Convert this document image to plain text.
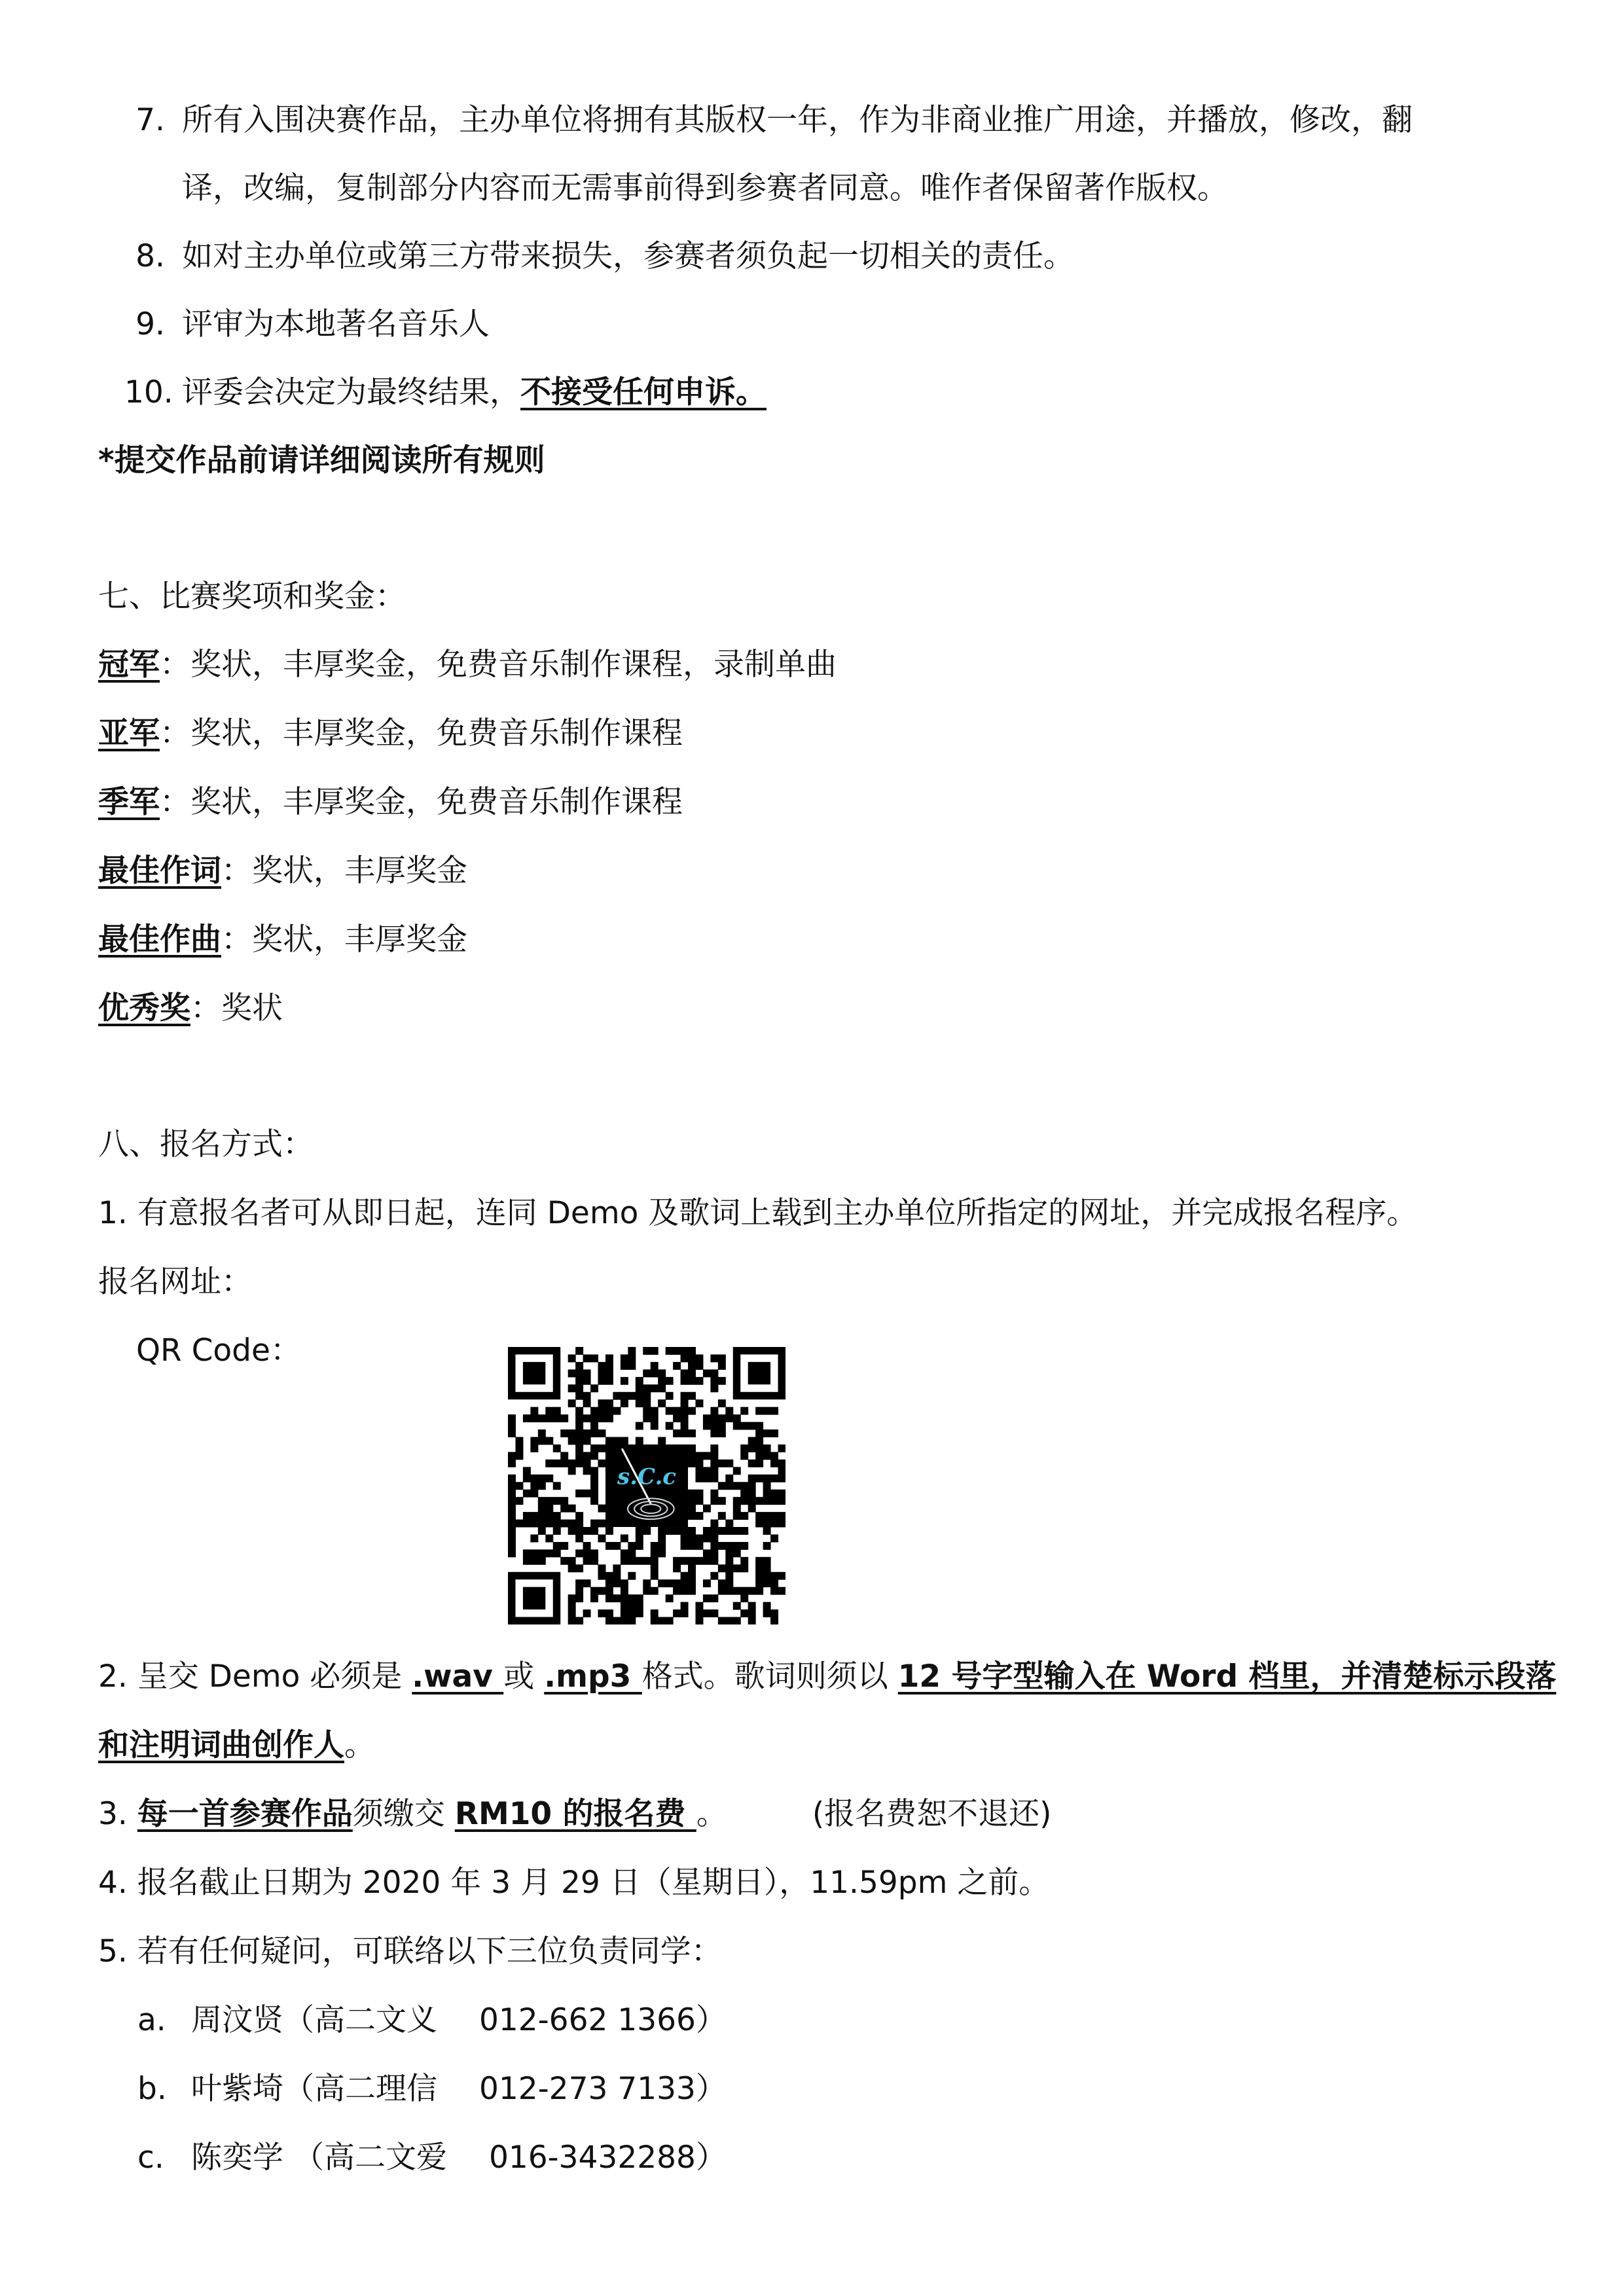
7. 所有入围决赛作品，主办单位将拥有其版权一年，作为非商业推广用途，并播放，修改，翻
译，改编，复制部分内容而无需事前得到参赛者同意。唯作者保留著作版权。
8. 如对主办单位或第三方带来损失，参赛者须负起一切相关的责任。
9. 评审为本地著名音乐人
10. 评委会决定为最终结果，不接受任何申诉。
*提交作品前请详细阅读所有规则
七、比赛奖项和奖金：
冠军：奖状，丰厚奖金，免费音乐制作课程，录制单曲
亚军：奖状，丰厚奖金，免费音乐制作课程
季军：奖状，丰厚奖金，免费音乐制作课程
最佳作词：奖状，丰厚奖金
最佳作曲：奖状，丰厚奖金
优秀奖：奖状
八、报名方式：
1. 有意报名者可从即日起，连同 Demo 及歌词上载到主办单位所指定的网址，并完成报名程序。
报名网址：
QR Code：
s.C.c
2. 呈交 Demo 必须是 .wav 或 .mp3 格式。歌词则须以 12 号字型输入在 Word 档里，并清楚标示段落
和注明词曲创作人。
3. 每一首参赛作品须缴交 RM10 的报名费 。	(报名费恕不退还)
4. 报名截止日期为 2020 年 3 月 29 日（星期日），11.59pm 之前。
5. 若有任何疑问，可联络以下三位负责同学：
a. 周汶贤（高二文义 012-662 1366）
b. 叶紫埼（高二理信 012-273 7133）
c. 陈奕学 （高二文爱 016-3432288）
